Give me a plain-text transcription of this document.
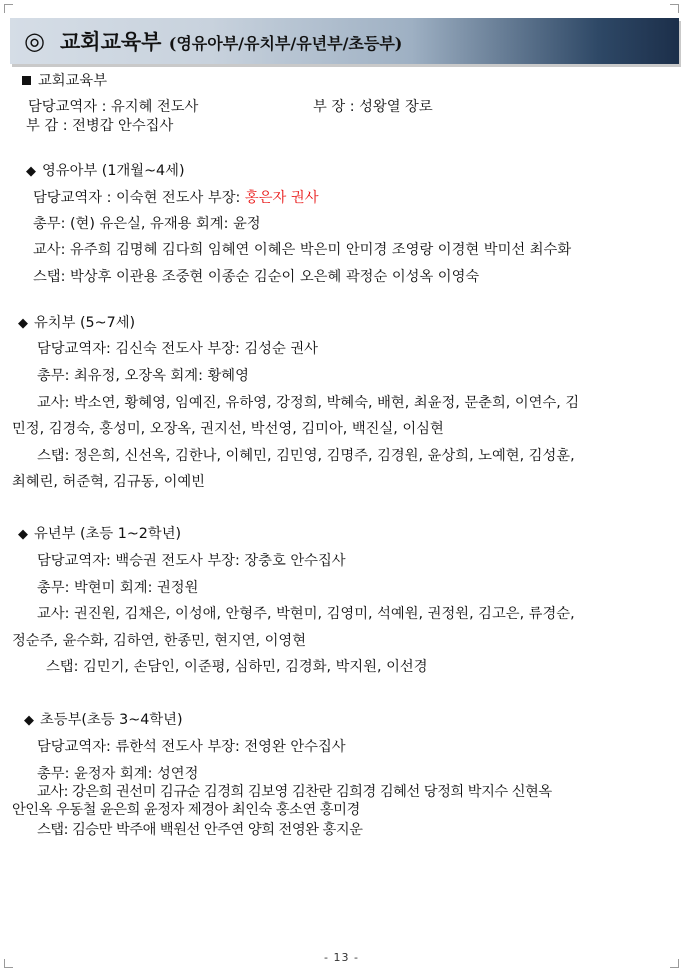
◎ 교회교육부 (영유아부/유치부/유년부/초등부)
교회교육부
담당교역자 : 유지혜 전도사	부 장 : 성왕열 장로
부 감 : 전병갑 안수집사
◆ 영유아부 (1개월~4세)
담당교역자 : 이숙현 전도사 부장: 홍은자 권사
총무: (현) 유은실, 유재용 회계: 윤정
교사: 유주희 김명혜 김다희 임혜연 이혜은 박은미 안미경 조영랑 이경현 박미선 최수화
스탭: 박상후 이관용 조중현 이종순 김순이 오은혜 곽정순 이성옥 이영숙
◆ 유치부 (5~7세)
담당교역자: 김신숙 전도사 부장: 김성순 권사
총무: 최유정, 오장옥 회계: 황혜영
교사: 박소연, 황혜영, 임예진, 유하영, 강정희, 박혜숙, 배현, 최윤정, 문춘희, 이연수, 김
민정, 김경숙, 홍성미, 오장옥, 권지선, 박선영, 김미아, 백진실, 이심현
스탭: 정은희, 신선옥, 김한나, 이혜민, 김민영, 김명주, 김경원, 윤상희, 노예현, 김성훈,
최혜린, 허준혁, 김규동, 이예빈
◆ 유년부 (초등 1~2학년)
담당교역자: 백승권 전도사 부장: 장충호 안수집사
총무: 박현미 회계: 권정원
교사: 권진원, 김채은, 이성애, 안형주, 박현미, 김영미, 석예원, 권정원, 김고은, 류경순,
정순주, 윤수화, 김하연, 한종민, 현지연, 이영현
스탭: 김민기, 손담인, 이준평, 심하민, 김경화, 박지원, 이선경
◆ 초등부(초등 3~4학년)
담당교역자: 류한석 전도사 부장: 전영완 안수집사
총무: 윤정자 회계: 성연정
교사: 강은희 권선미 김규순 김경희 김보영 김찬란 김희경 김혜선 당정희 박지수 신현옥
안인옥 우동철 윤은희 윤정자 제경아 최인숙 홍소연 홍미경
스탭: 김승만 박주애 백원선 안주연 양희 전영완 홍지운
- 13 -
